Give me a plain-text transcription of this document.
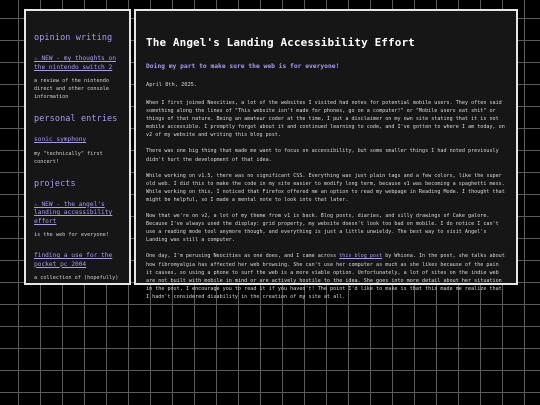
opinion writing
☆ NEW - my thoughts on the nintendo switch 2
a review of the nintendo direct and other console information
personal entries
sonic symphony
my "technically" first concert!
projects
☆ NEW - the angel's landing accessibility effort
is the web for everyone!
finding a use for the pocket pc 2004
a collection of (hopefully)
The Angel's Landing Accessibility Effort
Doing my part to make sure the web is for everyone!
April 8th, 2025.

When I first joined Neocities, a lot of the websites I visited had notes for potential mobile users. They often said something along the lines of "This website isn't made for phones, go on a computer!" or "Mobile users eat shit" or things of that nature. Being an amateur coder at the time, I put a disclaimer on my own site stating that it is not mobile accessible. I promptly forgot about it and continued learning to code, and I've gotten to where I am today, on v2 of my website and writing this blog post.

There was one big thing that made me want to focus on accessibility, but some smaller things I had noted previously didn't hurt the development of that idea.

While working on v1.5, there was no significant CSS. Everything was just plain tags and a few colors, like the super old web. I did this to make the code in my site easier to modify long term, because v1 was becoming a spaghetti mess. While working on this, I noticed that Firefox offered me an option to read my webpage in Reading Mode. I thought that might be helpful, so I made a mental note to look into that later.

Now that we're on v2, a lot of my theme from v1 is back. Blog posts, diaries, and silly drawings of Cake galore. Because I've always used the display: grid property, my website doesn't look too bad on mobile. I do notice I can't use a reading mode tool anymore though, and everything is just a little unwieldy. The best way to visit Angel's Landing was still a computer.

One day, I'm perusing Neocities as one does, and I came across this blog post by Whiona. In the post, she talks about how fibromyalgia has affected her web browsing. She can't use her computer as much as she likes because of the pain it causes, so using a phone to surf the web is a more viable option. Unfortunately, a lot of sites on the indie web are not built with mobile in mind or are actively hostile to the idea. She goes into more detail about her situation in the post, I encourage you to read it if you haven't! The point I'd like to make is that this made me realize that I hadn't considered disability in the creation of my site at all.
